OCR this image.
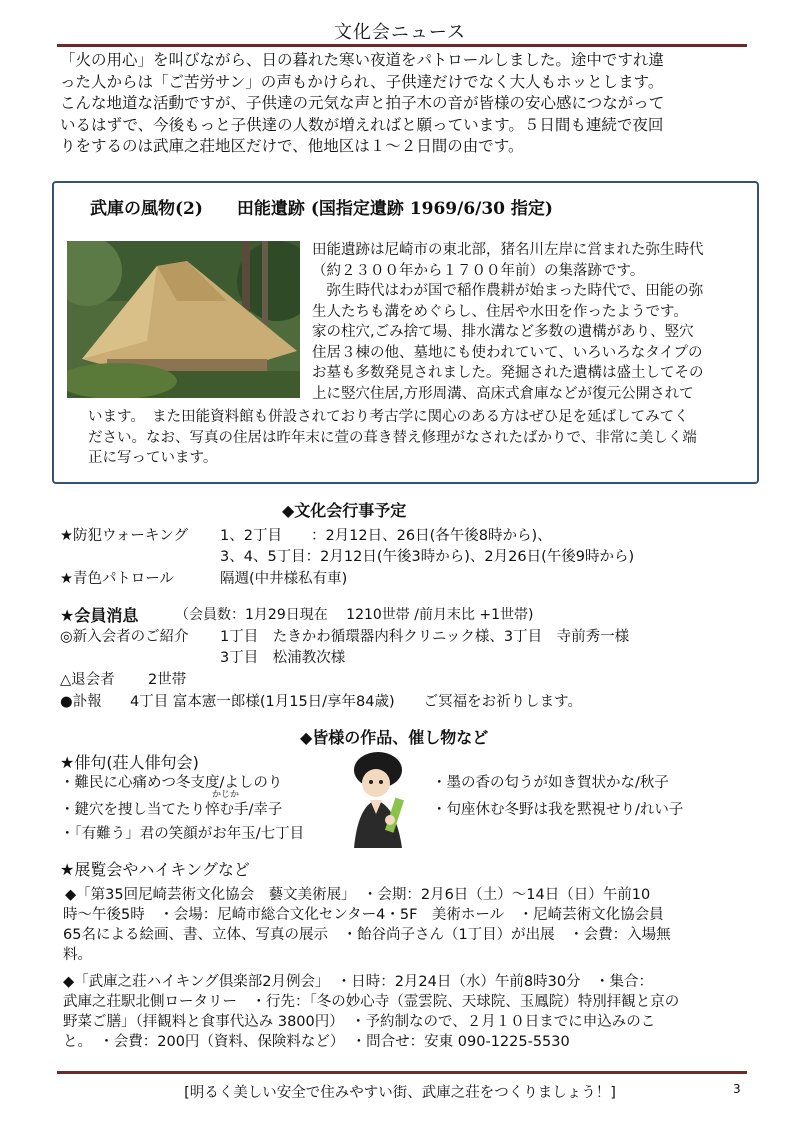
文化会ニュース
「火の用心」を叫びながら、日の暮れた寒い夜道をパトロールしました。途中ですれ違
った人からは「ご苦労サン」の声もかけられ、子供達だけでなく大人もホッとします。
こんな地道な活動ですが、子供達の元気な声と拍子木の音が皆様の安心感につながって
いるはずで、今後もっと子供達の人数が増えればと願っています。５日間も連続で夜回
りをするのは武庫之荘地区だけで、他地区は１～２日間の由です。
武庫の風物(2)　　田能遺跡 (国指定遺跡 1969/6/30 指定)
田能遺跡は尼崎市の東北部，猪名川左岸に営まれた弥生時代
（約２３００年から１７００年前）の集落跡です。
　弥生時代はわが国で稲作農耕が始まった時代で、田能の弥
生人たちも溝をめぐらし、住居や水田を作ったようです。
家の柱穴,ごみ捨て場、排水溝など多数の遺構があり、竪穴
住居３棟の他、墓地にも使われていて、いろいろなタイプの
お墓も多数発見されました。発掘された遺構は盛土してその
上に竪穴住居,方形周溝、高床式倉庫などが復元公開されて
います。　また田能資料館も併設されており考古学に関心のある方はぜひ足を延ばしてみてく
ださい。なお、写真の住居は昨年末に萱の葺き替え修理がなされたばかりで、非常に美しく端
正に写っています。
◆文化会行事予定
★防犯ウォーキング 1、2丁目　　：2月12日、26日(各午後8時から)、
3、4、5丁目：2月12日(午後3時から)、2月26日(午後9時から)
★青色パトロール	隔週(中井様私有車)
★会員消息	（会員数：1月29日現在　 1210世帯 /前月末比 +1世帯)
◎新入会者のご紹介 1丁目　たきかわ循環器内科クリニック様、3丁目　寺前秀一様
3丁目　松浦教次様
△退会者 2世帯
●訃報 4丁目 富本憲一郎様(1月15日/享年84歳)　　ご冥福をお祈りします。
◆皆様の作品、催し物など
★俳句(荘人俳句会)
・難民に心痛めつ冬支度/よしのり
かじか
・鍵穴を捜し当てたり悴む手/幸子
・「有難う」君の笑顔がお年玉/七丁目
・墨の香の匂うが如き賀状かな/秋子
・句座休む冬野は我を黙視せり/れい子
★展覧会やハイキングなど
◆「第35回尼崎芸術文化協会　藝文美術展」　・会期：2月6日（土）～14日（日）午前10
時～午後5時　・会場：尼崎市総合文化センター4・5F　美術ホール　・尼崎芸術文化協会員
65名による絵画、書、立体、写真の展示　・飴谷尚子さん（1丁目）が出展　・会費：入場無
料。
◆「武庫之荘ハイキング倶楽部2月例会」　・日時：2月24日（水）午前8時30分　・集合：
武庫之荘駅北側ロータリー　・行先：「冬の妙心寺（霊雲院、天球院、玉鳳院）特別拝観と京の
野菜ご膳」（拝観料と食事代込み 3800円）　・予約制なので、２月１０日までに申込みのこ
と。　・会費：200円（資料、保険料など）　・問合せ：安東 090-1225-5530
[明るく美しい安全で住みやすい街、武庫之荘をつくりましょう！]	3
